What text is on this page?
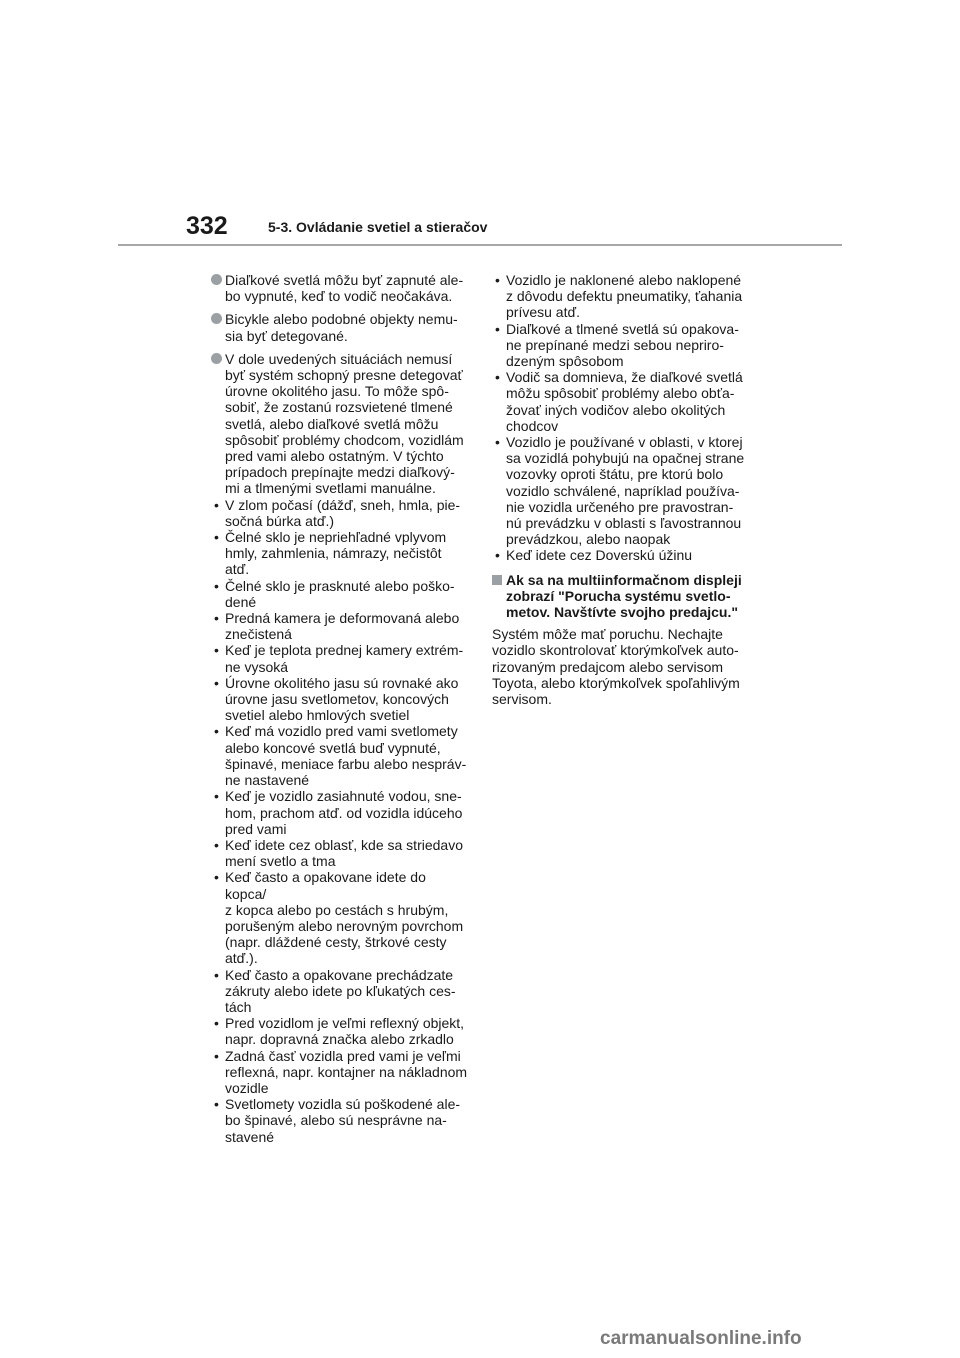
332	5-3. Ovládanie svetiel a stieračov
Diaľkové svetlá môžu byť zapnuté ale-
bo vypnuté, keď to vodič neočakáva.
Bicykle alebo podobné objekty nemu-
sia byť detegované.
V dole uvedených situáciách nemusí
byť systém schopný presne detegovať
úrovne okolitého jasu. To môže spô-
sobiť, že zostanú rozsvietené tlmené
svetlá, alebo diaľkové svetlá môžu
spôsobiť problémy chodcom, vozidlám
pred vami alebo ostatným. V týchto
prípadoch prepínajte medzi diaľkový-
mi a tlmenými svetlami manuálne.
• V zlom počasí (dážď, sneh, hmla, pie-
sočná búrka atď.)
• Čelné sklo je nepriehľadné vplyvom
hmly, zahmlenia, námrazy, nečistôt
atď.
• Čelné sklo je prasknuté alebo poško-
dené
• Predná kamera je deformovaná alebo
znečistená
• Keď je teplota prednej kamery extrém-
ne vysoká
• Úrovne okolitého jasu sú rovnaké ako
úrovne jasu svetlometov, koncových
svetiel alebo hmlových svetiel
• Keď má vozidlo pred vami svetlomety
alebo koncové svetlá buď vypnuté,
špinavé, meniace farbu alebo nespráv-
ne nastavené
• Keď je vozidlo zasiahnuté vodou, sne-
hom, prachom atď. od vozidla idúceho
pred vami
• Keď idete cez oblasť, kde sa striedavo
mení svetlo a tma
• Keď často a opakovane idete do kopca/
z kopca alebo po cestách s hrubým,
porušeným alebo nerovným povrchom
(napr. dláždené cesty, štrkové cesty
atď.).
• Keď často a opakovane prechádzate
zákruty alebo idete po kľukatých ces-
tách
• Pred vozidlom je veľmi reflexný objekt,
napr. dopravná značka alebo zrkadlo
• Zadná časť vozidla pred vami je veľmi
reflexná, napr. kontajner na nákladnom
vozidle
• Svetlomety vozidla sú poškodené ale-
bo špinavé, alebo sú nesprávne na-
stavené
• Vozidlo je naklonené alebo naklopené
z dôvodu defektu pneumatiky, ťahania
prívesu atď.
• Diaľkové a tlmené svetlá sú opakova-
ne prepínané medzi sebou nepriro-
dzeným spôsobom
• Vodič sa domnieva, že diaľkové svetlá
môžu spôsobiť problémy alebo obťa-
žovať iných vodičov alebo okolitých
chodcov
• Vozidlo je používané v oblasti, v ktorej
sa vozidlá pohybujú na opačnej strane
vozovky oproti štátu, pre ktorú bolo
vozidlo schválené, napríklad používa-
nie vozidla určeného pre pravostran-
nú prevádzku v oblasti s ľavostrannou
prevádzkou, alebo naopak
• Keď idete cez Doverskú úžinu
Ak sa na multiinformačnom displeji
zobrazí "Porucha systému svetlo-
metov. Navštívte svojho predajcu."

Systém môže mať poruchu. Nechajte
vozidlo skontrolovať ktorýmkoľvek auto-
rizovaným predajcom alebo servisom
Toyota, alebo ktorýmkoľvek spoľahlivým
servisom.

carmanualsonline.info
